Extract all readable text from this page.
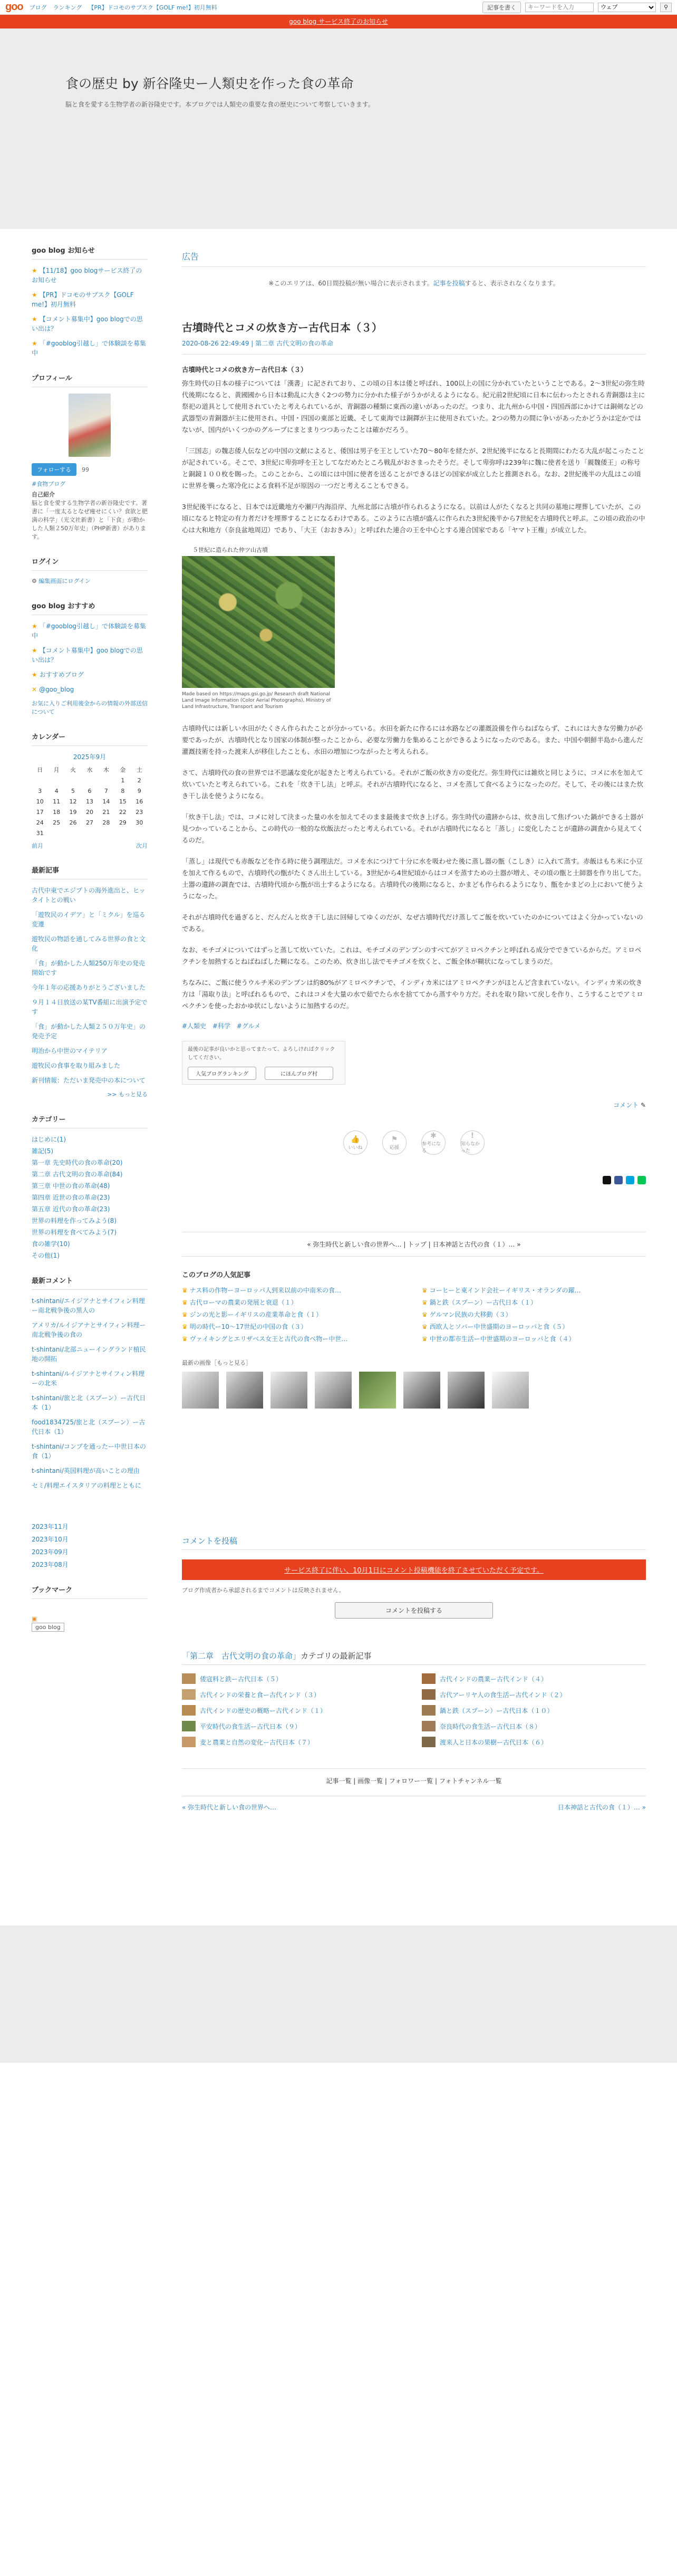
goo ブログ ランキング 【PR】ドコモのサブスク【GOLF me!】初月無料	記事を書く
キーワードを入力
ウェブ	⚲
goo blog サービス終了のお知らせ
食の歴史 by 新谷隆史ー人類史を作った食の革命

脳と食を愛する生物学者の新谷隆史です。本ブログでは人類史の重要な食の歴史について考察していきます。

goo blog お知らせ
★ 【11/18】goo blogサービス終了のお知らせ
★ 【PR】ドコモのサブスク【GOLF me!】初月無料
★ 【コメント募集中】goo blogでの思い出は？
★ 「#gooblog引越し」で体験談を募集中
プロフィール
フォローする 99
#食物ブログ
自己紹介
脳と食を愛する生物学者の新谷隆史です。著書に「一度太るとなぜ痩せにくい？食欲と肥満の科学」（光文社新書）と「下食」が動かした人類２50万年史」（PHP新書）があります。
ログイン
⚙ 編集画面にログイン
goo blog おすすめ
★ 「#gooblog引越し」で体験談を募集中
★ 【コメント募集中】goo blogでの思い出は？
★ おすすめブログ
✕ @goo_blog
お気に入りご利用後金からの情報の外部送信について
カレンダー
2025年9月
日	月	火	水	木	金	土
					1	2
3	4	5	6	7	8	9
10	11	12	13	14	15	16
17	18	19	20	21	22	23
24	25	26	27	28	29	30
31						
前月	次月
最新記事
古代中東でエジプトの海外進出と、ヒッタイトとの戦い
「遊牧民のイデア」と「ミクル」を巡る変遷
遊牧民の物語を通してみる世界の食と文化
「食」が動かした人類250万年史の発売開始です
今年１年の応援ありがとうございました
９月１４日放送の某TV番組に出演予定です
「食」が動かした人類２５０万年史」の発売予定
明治から中世のマイテリア
遊牧民の食事を取り組みました
新刊情報：ただいま発売中の本について
>> もっと見る
カテゴリー
はじめに(1)
雑記(5)
第一章 先史時代の食の革命(20)
第二章 古代文明の食の革命(84)
第三章 中世の食の革命(48)
第四章 近世の食の革命(23)
第五章 近代の食の革命(23)
世界の料理を作ってみよう(8)
世界の料理を食べてみよう(7)
食の雑学(10)
その他(1)
最新コメント
t-shintani/エイジアナとサイフィン料理ー南北戦争後の黒人の
アメリカ/ルイジアナとサイフィン料理ー南北戦争後の食の
t-shintani/北部ニューイングランド植民地の開拓
t-shintani/ルイジアナとサイフィン料理ーの北米
t-shintani/旅と北（スプーン）ー古代日本（1）
food1834725/旅と北（スプーン）ー古代日本（1）
t-shintani/コンブを通ったー中世日本の食（1）
t-shintani/英国料理が高いことの理由
セミ/料理エイスタリアの料理とともに
2023年11月
2023年10月
2023年09月
2023年08月
ブックマーク
▣
goo blog
広告
※このエリアは、60日間投稿が無い場合に表示されます。記事を投稿すると、表示されなくなります。
古墳時代とコメの炊き方ー古代日本（３）
2020-08-26 22:49:49 | 第二章 古代文明の食の革命

古墳時代とコメの炊き方ー古代日本（３）

弥生時代の日本の様子については「漢書」に記されており、この頃の日本は倭と呼ばれ、100以上の国に分かれていたということである。2～3世紀の弥生時代後期になると、黄國國から日本は動乱に大きく2つの勢力に分かれた様子がうかがえるようになる。紀元前2世紀頃に日本に伝わったとされる青銅器は主に祭祀の道具として使用されていたと考えられているが、青銅器の種類に東西の違いがあったのだ。つまり、北九州から中国・四国西部にかけては銅剣などの武器型の青銅器が主に使用され、中国・四国の東部と近畿、そして東海では銅鐸が主に使用されていた。2つの勢力の間に争いがあったかどうかは定かではないが、国内がいくつかのグループにまとまりつつあったことは確かだろう。

「三国志」の魏志倭人伝などの中国の文献によると、倭国は男子を王としていた70～80年を経たが、2世紀後半になると長期間にわたる大乱が起こったことが記されている。そこで、3世紀に卑弥呼を王としてなだめたところ戦乱がおさまったそうだ。そして卑弥呼は239年に魏に使者を送り「親魏倭王」の称号と銅鏡１００枚を賜った。このことから、この頃には中国に使者を送ることができるほどの国家が成立したと推測される。なお、2世紀後半の大乱はこの頃に世界を襲った寒冷化による食料不足が原因の一つだと考えることもできる。

3世紀後半になると、日本では近畿地方や瀬戸内海沿岸、九州北部に古墳が作られるようになる。以前は人がたくなると共同の墓地に埋葬していたが、この頃になると特定の有力者だけを埋葬することになるわけである。このように古墳が盛んに作られた3世紀後半から7世紀を古墳時代と呼ぶ。この頃の政治の中心は大和地方（奈良盆地周辺）であり、「大王（おおきみ）」と呼ばれた連合の王を中心とする連合国家である「ヤマト王権」が成立した。

５世紀に造られた仲ツ山古墳
Made based on https://maps.gsi.go.jp/ Research draft National Land Image Information (Color Aerial Photographs), Ministry of Land Infrastructure, Transport and Tourism

古墳時代には新しい水田がたくさん作られたことが分かっている。水田を新たに作るには水路などの灌漑設備を作らねばならず、これには大きな労働力が必要であったが、古墳時代となり国家の体制が整ったことから、必要な労働力を集めることができるようになったのである。また、中国や朝鮮半島から進んだ灌漑技術を持った渡来人が移住したことも、水田の増加につながったと考えられる。

さて、古墳時代の食の世界では不思議な変化が起きたと考えられている。それがご飯の炊き方の変化だ。弥生時代には雑炊と同じように、コメに水を加えて炊いていたと考えられている。これを「炊き干し法」と呼ぶ。それが古墳時代になると、コメを蒸して食べるようになったのだ。そして、その後にはまた炊き干し法を使うようになる。

「炊き干し法」では、コメに対して決まった量の水を加えてそのまま最後まで炊き上げる。弥生時代の遺跡からは、炊き出して焦げついた鍋ができる土器が見つかっていることから、この時代の一般的な炊飯法だったと考えられている。それが古墳時代になると「蒸し」に変化したことが遺跡の調査から見えてくるのだ。

「蒸し」は現代でも赤飯などを作る時に使う調理法だ。コメを水につけて十分に水を吸わせた後に蒸し器の甑（こしき）に入れて蒸す。赤飯はもち米に小豆を加えて作るもので、古墳時代の甑がたくさん出土している。3世紀から4世紀頃からはコメを蒸すための土器が増え、その頃の甑と土師器を作り出してた。土器の遺跡の調査では、古墳時代頃から甑が出土するようになる。古墳時代の後期になると、かまども作られるようになり、甑をかまどの上において使うようになった。

それが古墳時代を過ぎると、だんだんと炊き干し法に回帰してゆくのだが、なぜ古墳時代だけ蒸してご飯を炊いていたのかについてはよく分かっていないのである。

なお、モチゴメについてはずっと蒸して炊いていた。これは、モチゴメのデンプンのすべてがアミロペクチンと呼ばれる成分でできているからだ。アミロペクチンを加熱するとねばねばした糊になる。このため、炊き出し法でモチゴメを炊くと、ご飯全体が糊状になってしまうのだ。

ちなみに、ご飯に使うウルチ米のデンプンは約80%がアミロペクチンで、インディカ米にはアミロペクチンがほとんど含まれていない。インディカ米の炊き方は「湯取り法」と呼ばれるもので、これはコメを大量の水で茹でたら水を捨ててから蒸すやり方だ。それを取り除いて戻しを作り、こうすることでアミロペクチンを使ったおかゆ状にしないように加熱するのだ。

#人類史 #科学 #グルメ
最後の記事が良いかと思ってまたって、よろしければクリックしてください。
人気ブログランキング	にほんブログ村
コメント ✎
👍
いいね
⚑
応援
✱
参考になる
!
知らなかった
« 弥生時代と新しい食の世界へ… | トップ | 日本神話と古代の食（１）… »
このブログの人気記事
♛ ナス料の作物ーヨーロッパ人到来以前の中南米の食…	♛ コーヒーと東インド会社ーイギリス・オランダの躍…
♛ 古代ローマの農業の発展と衰退（１）	♛ 鍋と鉄（スプーン）ー古代日本（１）
♛ ジンの光と影ーイギリスの産業革命と食（１）	♛ ゲルマン民族の大移動（３）
♛ 明の時代ー10～17世紀の中国の食（３）	♛ 西欧人とソバー中世盛期のヨーロッパと食（５）
♛ ヴァイキングとエリザベス女王と古代の食べ物ー中世…	♛ 中世の都市生活ー中世盛期のヨーロッパと食（４）
最新の画像［もっと見る］
コメントを投稿
サービス終了に伴い、10月1日にコメント投稿機能を終了させていただく予定です。
ブログ作成者から承認されるまでコメントは反映されません。
コメントを投稿する
「第二章　古代文明の食の革命」カテゴリの最新記事
倭寇料と鉄ー古代日本（５）	古代インドの農業ー古代インド（４）
古代インドの栄養と食ー古代インド（３）	古代アーリヤ人の食生活ー古代インド（２）
古代インドの歴史の概略ー古代インド（１）	鍋と鉄（スプーン）ー古代日本（１０）
平安時代の食生活ー古代日本（９）	奈良時代の食生活ー古代日本（８）
麦と農業と自然の変化ー古代日本（７）	渡来人と日本の果樹ー古代日本（６）
記事一覧 | 画像一覧 | フォロワー一覧 | フォトチャンネル一覧
« 弥生時代と新しい食の世界へ…	日本神話と古代の食（１）… »
